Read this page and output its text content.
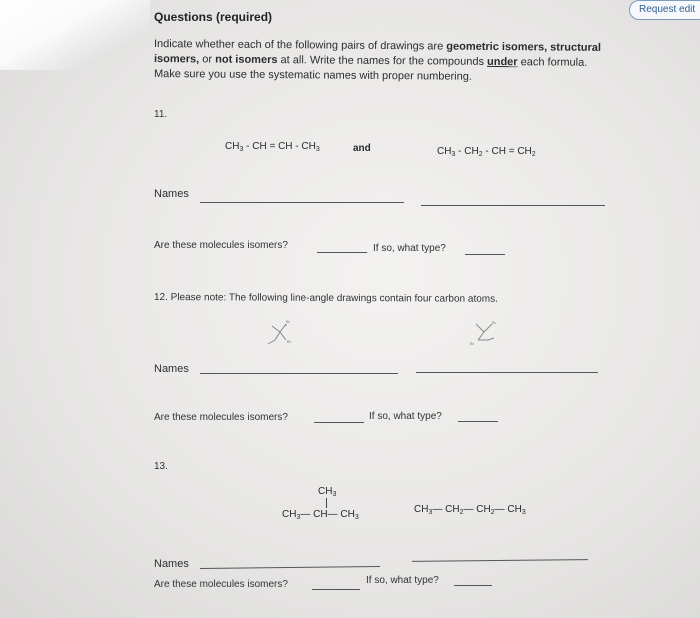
Request edit
Questions (required)
Indicate whether each of the following pairs of drawings are geometric isomers, structural
isomers, or not isomers at all. Write the names for the compounds under each formula.
Make sure you use the systematic names with proper numbering.
11.
$CH_3$ - CH = CH - $CH_3$	and	$CH_3 - CH_2$ - CH = $CH_2$
Names
Are these molecules isomers?	If so, what type?
12. Please note: The following line-angle drawings contain four carbon atoms.
Br
Br
Br
Br
Names
Are these molecules isomers?	If so, what type?
13.
$CH_3$
$CH_3—$ CH— $CH_3$
$CH_3—$ $CH_2—$ $CH_2—$ $CH_3$
Names
Are these molecules isomers?	If so, what type?
